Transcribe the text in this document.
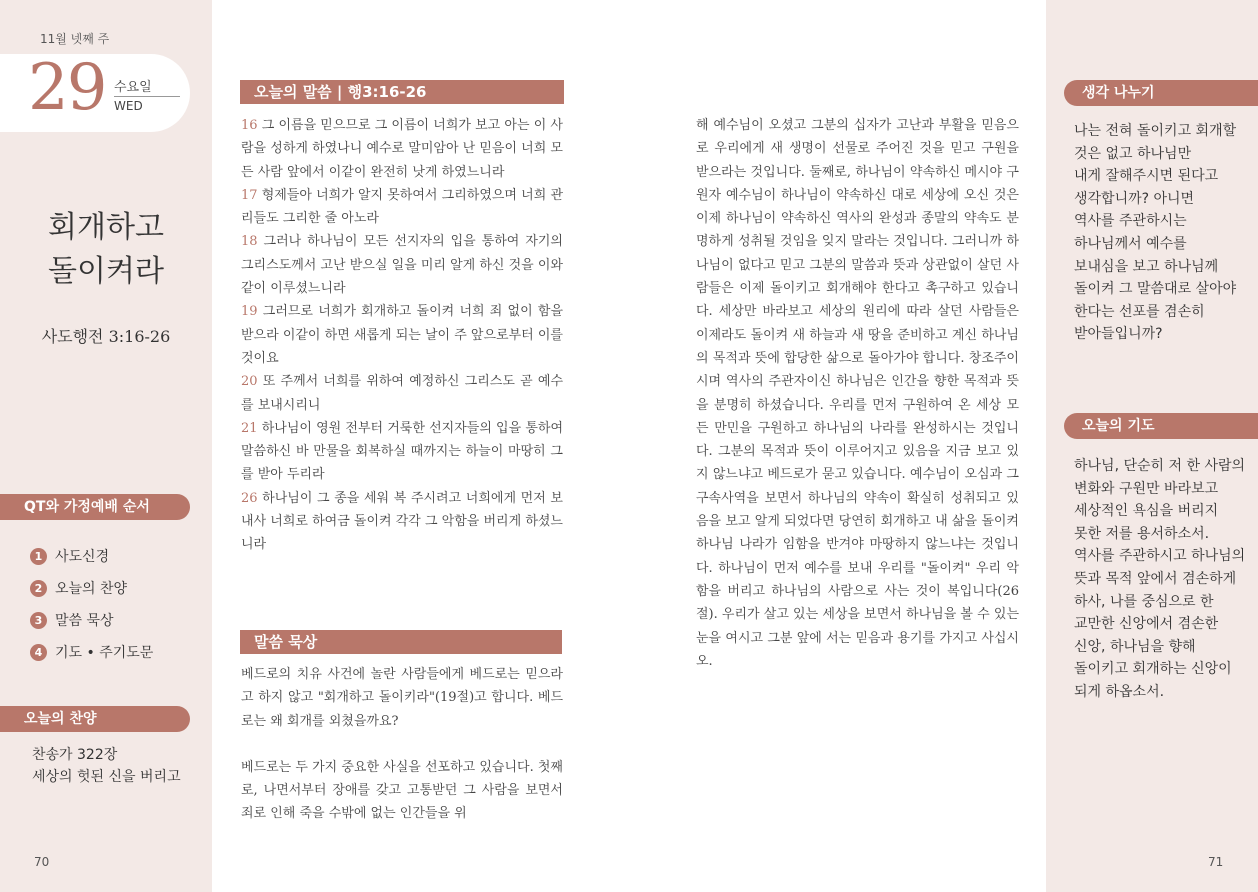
11월 넷째 주
29 수요일
WED
회개하고
돌이켜라
사도행전 3:16-26
QT와 가정예배 순서
1 사도신경
2 오늘의 찬양
3 말씀 묵상
4 기도 • 주기도문
오늘의 찬양
찬송가 322장
세상의 헛된 신을 버리고
70
오늘의 말씀 | 행3:16-26

16 그 이름을 믿으므로 그 이름이 너희가 보고 아는 이 사람을 성하게 하였나니 예수로 말미암아 난 믿음이 너희 모든 사람 앞에서 이같이 완전히 낫게 하였느니라

17 형제들아 너희가 알지 못하여서 그리하였으며 너희 관리들도 그리한 줄 아노라

18 그러나 하나님이 모든 선지자의 입을 통하여 자기의 그리스도께서 고난 받으실 일을 미리 알게 하신 것을 이와 같이 이루셨느니라

19 그러므로 너희가 회개하고 돌이켜 너희 죄 없이 함을 받으라 이같이 하면 새롭게 되는 날이 주 앞으로부터 이를 것이요

20 또 주께서 너희를 위하여 예정하신 그리스도 곧 예수를 보내시리니

21 하나님이 영원 전부터 거룩한 선지자들의 입을 통하여 말씀하신 바 만물을 회복하실 때까지는 하늘이 마땅히 그를 받아 두리라

26 하나님이 그 종을 세워 복 주시려고 너희에게 먼저 보내사 너희로 하여금 돌이켜 각각 그 악함을 버리게 하셨느니라

말씀 묵상

베드로의 치유 사건에 놀란 사람들에게 베드로는 믿으라고 하지 않고 "회개하고 돌이키라"(19절)고 합니다. 베드로는 왜 회개를 외쳤을까요?

베드로는 두 가지 중요한 사실을 선포하고 있습니다. 첫째로, 나면서부터 장애를 갖고 고통받던 그 사람을 보면서 죄로 인해 죽을 수밖에 없는 인간들을 위

해 예수님이 오셨고 그분의 십자가 고난과 부활을 믿음으로 우리에게 새 생명이 선물로 주어진 것을 믿고 구원을 받으라는 것입니다. 둘째로, 하나님이 약속하신 메시야 구원자 예수님이 하나님이 약속하신 대로 세상에 오신 것은 이제 하나님이 약속하신 역사의 완성과 종말의 약속도 분명하게 성취될 것임을 잊지 말라는 것입니다. 그러니까 하나님이 없다고 믿고 그분의 말씀과 뜻과 상관없이 살던 사람들은 이제 돌이키고 회개해야 한다고 촉구하고 있습니다. 세상만 바라보고 세상의 원리에 따라 살던 사람들은 이제라도 돌이켜 새 하늘과 새 땅을 준비하고 계신 하나님의 목적과 뜻에 합당한 삶으로 돌아가야 합니다. 창조주이시며 역사의 주관자이신 하나님은 인간을 향한 목적과 뜻을 분명히 하셨습니다. 우리를 먼저 구원하여 온 세상 모든 만민을 구원하고 하나님의 나라를 완성하시는 것입니다. 그분의 목적과 뜻이 이루어지고 있음을 지금 보고 있지 않느냐고 베드로가 묻고 있습니다. 예수님이 오심과 그 구속사역을 보면서 하나님의 약속이 확실히 성취되고 있음을 보고 알게 되었다면 당연히 회개하고 내 삶을 돌이켜 하나님 나라가 임함을 반겨야 마땅하지 않느냐는 것입니다. 하나님이 먼저 예수를 보내 우리를 "돌이켜" 우리 악함을 버리고 하나님의 사람으로 사는 것이 복입니다(26절). 우리가 살고 있는 세상을 보면서 하나님을 볼 수 있는 눈을 여시고 그분 앞에 서는 믿음과 용기를 가지고 사십시오.
생각 나누기
나는 전혀 돌이키고 회개할
것은 없고 하나님만
내게 잘해주시면 된다고
생각합니까? 아니면
역사를 주관하시는
하나님께서 예수를
보내심을 보고 하나님께
돌이켜 그 말씀대로 살아야
한다는 선포를 겸손히
받아들입니까?
오늘의 기도
하나님, 단순히 저 한 사람의
변화와 구원만 바라보고
세상적인 욕심을 버리지
못한 저를 용서하소서.
역사를 주관하시고 하나님의
뜻과 목적 앞에서 겸손하게
하사, 나를 중심으로 한
교만한 신앙에서 겸손한
신앙, 하나님을 향해
돌이키고 회개하는 신앙이
되게 하옵소서.
71
